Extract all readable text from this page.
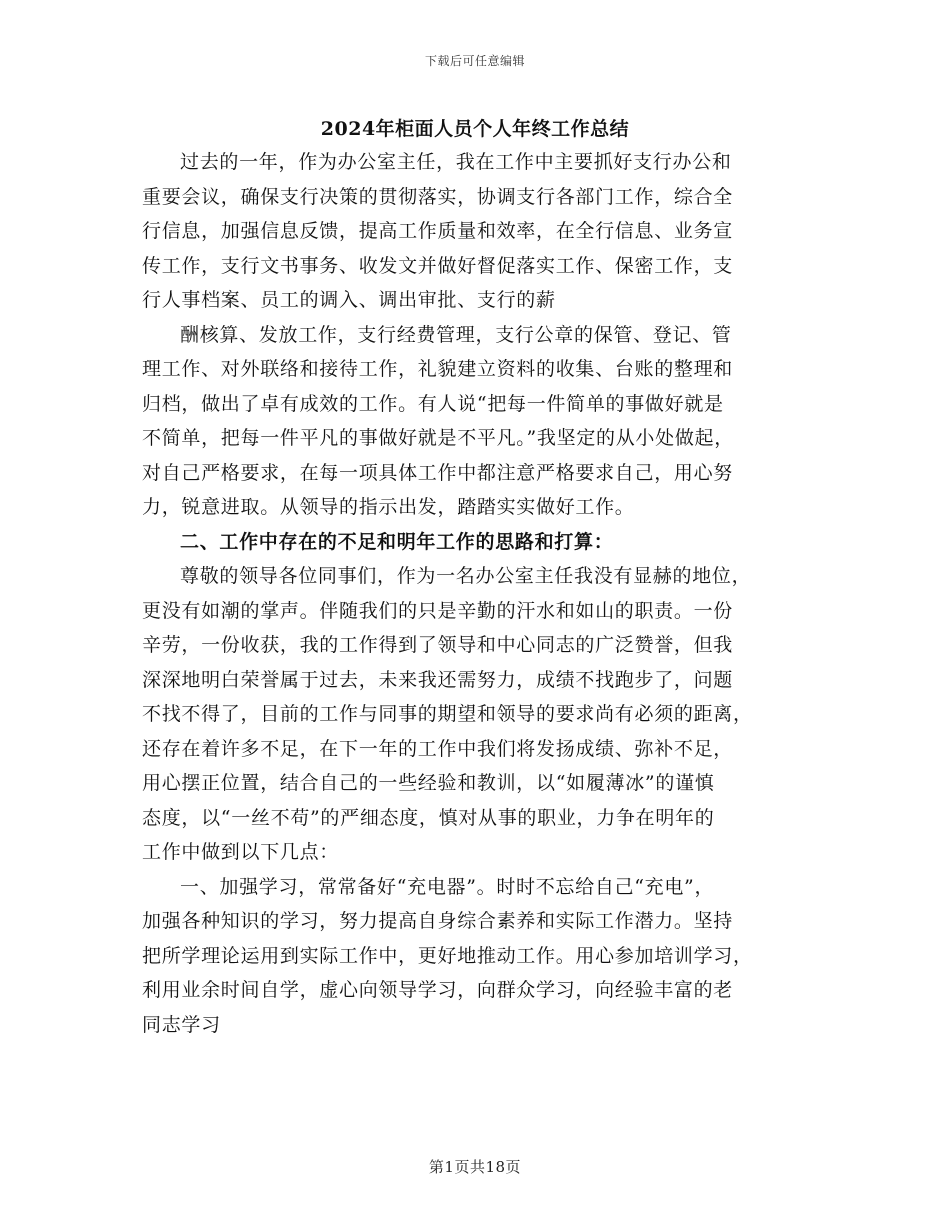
下载后可任意编辑
2024年柜面人员个人年终工作总结

过去的一年，作为办公室主任，我在工作中主要抓好支行办公和
重要会议，确保支行决策的贯彻落实，协调支行各部门工作，综合全
行信息，加强信息反馈，提高工作质量和效率，在全行信息、业务宣
传工作，支行文书事务、收发文并做好督促落实工作、保密工作，支
行人事档案、员工的调入、调出审批、支行的薪

酬核算、发放工作，支行经费管理，支行公章的保管、登记、管
理工作、对外联络和接待工作，礼貌建立资料的收集、台账的整理和
归档，做出了卓有成效的工作。有人说“把每一件简单的事做好就是
不简单，把每一件平凡的事做好就是不平凡。”我坚定的从小处做起，
对自己严格要求，在每一项具体工作中都注意严格要求自己，用心努
力，锐意进取。从领导的指示出发，踏踏实实做好工作。

二、工作中存在的不足和明年工作的思路和打算：

尊敬的领导各位同事们，作为一名办公室主任我没有显赫的地位，
更没有如潮的掌声。伴随我们的只是辛勤的汗水和如山的职责。一份
辛劳，一份收获，我的工作得到了领导和中心同志的广泛赞誉，但我
深深地明白荣誉属于过去，未来我还需努力，成绩不找跑步了，问题
不找不得了，目前的工作与同事的期望和领导的要求尚有必须的距离，
还存在着许多不足，在下一年的工作中我们将发扬成绩、弥补不足，
用心摆正位置，结合自己的一些经验和教训，以“如履薄冰”的谨慎
态度，以“一丝不苟”的严细态度，慎对从事的职业，力争在明年的
工作中做到以下几点：

一、加强学习，常常备好“充电器”。时时不忘给自己“充电”，
加强各种知识的学习，努力提高自身综合素养和实际工作潜力。坚持
把所学理论运用到实际工作中，更好地推动工作。用心参加培训学习，
利用业余时间自学，虚心向领导学习，向群众学习，向经验丰富的老
同志学习

第1页共18页
